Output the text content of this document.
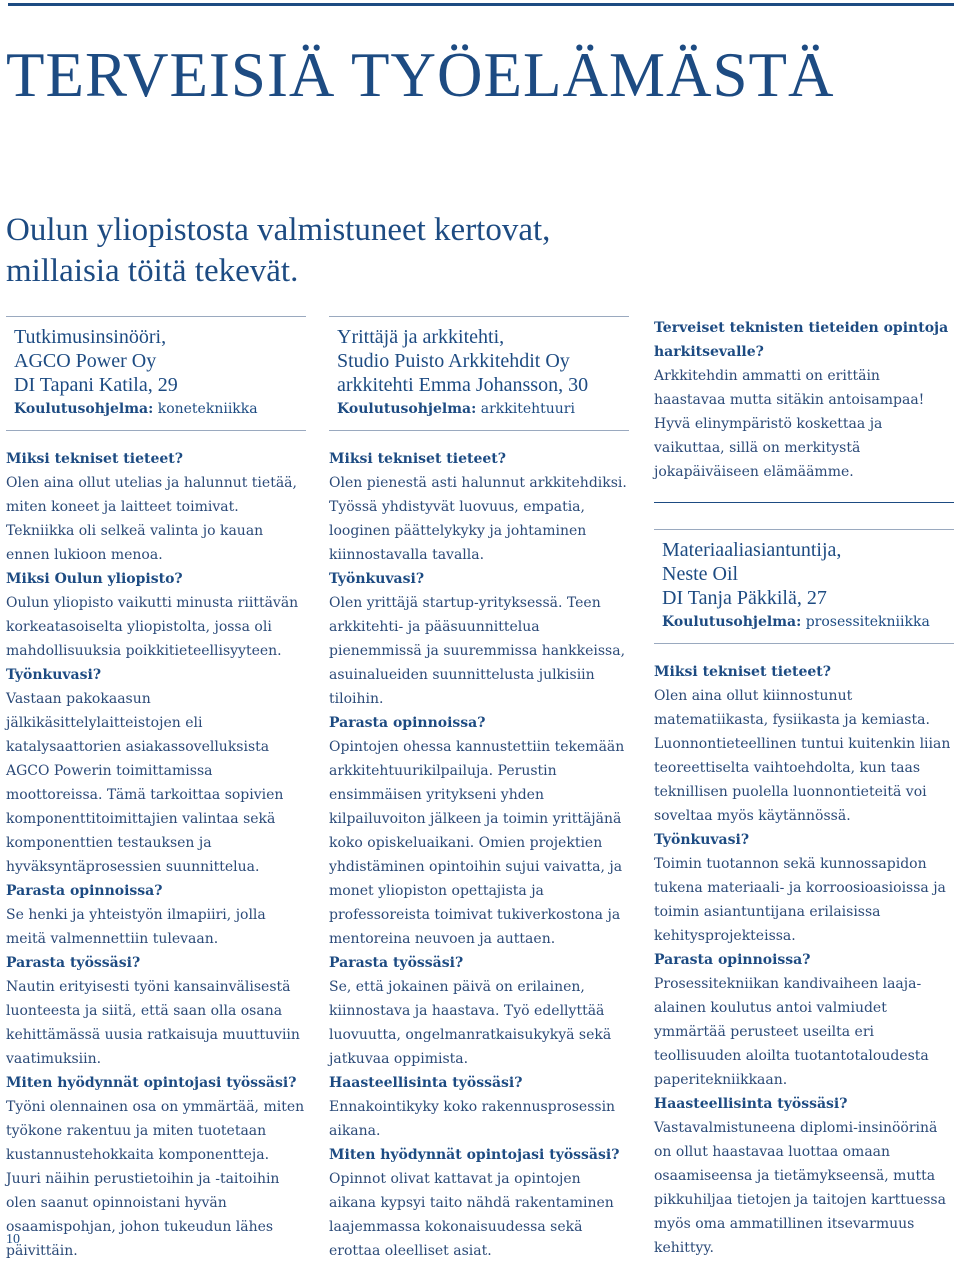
TERVEISIÄ TYÖELÄMÄSTÄ
Oulun yliopistosta valmistuneet kertovat,
millaisia töitä tekevät.
Tutkimusinsinööri,
AGCO Power Oy
DI Tapani Katila, 29
Koulutusohjelma: konetekniikka
Miksi tekniset tieteet?
Olen aina ollut utelias ja halunnut tietää, miten koneet ja laitteet toimivat. Tekniikka oli selkeä valinta jo kauan ennen lukioon menoa.
Miksi Oulun yliopisto?
Oulun yliopisto vaikutti minusta riittävän korkeatasoiselta yliopistolta, jossa oli mahdollisuuksia poikkitieteellisyyteen.
Työnkuvasi?
Vastaan pakokaasun jälkikäsittelylaitteistojen eli katalysaattorien asiakassovelluksista AGCO Powerin toimittamissa moottoreissa. Tämä tarkoittaa sopivien komponenttitoimittajien valintaa sekä komponenttien testauksen ja hyväksyntäprosessien suunnittelua.
Parasta opinnoissa?
Se henki ja yhteistyön ilmapiiri, jolla meitä valmennettiin tulevaan.
Parasta työssäsi?
Nautin erityisesti työni kansainvälisestä luonteesta ja siitä, että saan olla osana kehittämässä uusia ratkaisuja muuttuviin vaatimuksiin.
Miten hyödynnät opintojasi työssäsi?
Työni olennainen osa on ymmärtää, miten työkone rakentuu ja miten tuotetaan kustannustehokkaita komponentteja. Juuri näihin perustietoihin ja -taitoihin olen saanut opinnoistani hyvän osaamispohjan, johon tukeudun lähes päivittäin.
Yrittäjä ja arkkitehti,
Studio Puisto Arkkitehdit Oy
arkkitehti Emma Johansson, 30
Koulutusohjelma: arkkitehtuuri
Miksi tekniset tieteet?
Olen pienestä asti halunnut arkkitehdiksi. Työssä yhdistyvät luovuus, empatia, looginen päättelykyky ja johtaminen kiinnostavalla tavalla.
Työnkuvasi?
Olen yrittäjä startup-yrityksessä. Teen arkkitehti- ja pääsuunnittelua pienemmissä ja suuremmissa hankkeissa, asuinalueiden suunnittelusta julkisiin tiloihin.
Parasta opinnoissa?
Opintojen ohessa kannustettiin tekemään arkkitehtuurikilpailuja. Perustin ensimmäisen yritykseni yhden kilpailuvoiton jälkeen ja toimin yrittäjänä koko opiskeluaikani. Omien projektien yhdistäminen opintoihin sujui vaivatta, ja monet yliopiston opettajista ja professoreista toimivat tukiverkostona ja mentoreina neuvoen ja auttaen.
Parasta työssäsi?
Se, että jokainen päivä on erilainen, kiinnostava ja haastava. Työ edellyttää luovuutta, ongelmanratkaisukykyä sekä jatkuvaa oppimista.
Haasteellisinta työssäsi?
Ennakointikyky koko rakennusprosessin aikana.
Miten hyödynnät opintojasi työssäsi?
Opinnot olivat kattavat ja opintojen aikana kypsyi taito nähdä rakentaminen laajemmassa kokonaisuudessa sekä erottaa oleelliset asiat.
Terveiset teknisten tieteiden opintoja harkitsevalle?
Arkkitehdin ammatti on erittäin haastavaa mutta sitäkin antoisampaa! Hyvä elinympäristö koskettaa ja vaikuttaa, sillä on merkitystä jokapäiväiseen elämäämme.
Materiaaliasiantuntija,
Neste Oil
DI Tanja Päkkilä, 27
Koulutusohjelma: prosessitekniikka
Miksi tekniset tieteet?
Olen aina ollut kiinnostunut matematiikasta, fysiikasta ja kemiasta. Luonnontieteellinen tuntui kuitenkin liian teoreettiselta vaihtoehdolta, kun taas teknillisen puolella luonnontieteitä voi soveltaa myös käytännössä.
Työnkuvasi?
Toimin tuotannon sekä kunnossapidon tukena materiaali- ja korroosioasioissa ja toimin asiantuntijana erilaisissa kehitysprojekteissa.
Parasta opinnoissa?
Prosessitekniikan kandivaiheen laaja-alainen koulutus antoi valmiudet ymmärtää perusteet useilta eri teollisuuden aloilta tuotantotaloudesta paperitekniikkaan.
Haasteellisinta työssäsi?
Vastavalmistuneena diplomi-insinöörinä on ollut haastavaa luottaa omaan osaamiseensa ja tietämykseensä, mutta pikkuhiljaa tietojen ja taitojen karttuessa myös oma ammatillinen itsevarmuus kehittyy.
10
